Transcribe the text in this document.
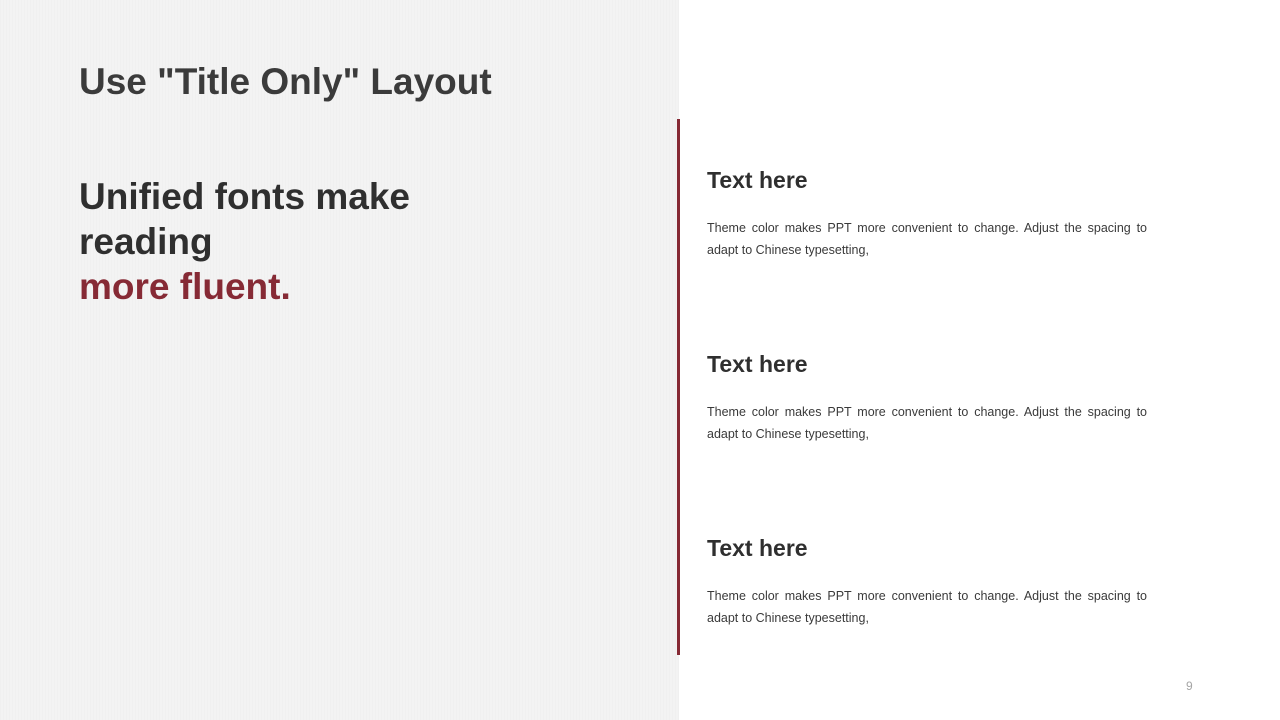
Use "Title Only" Layout
Unified fonts make
reading
more fluent.
Text here

Theme color makes PPT more convenient to change. Adjust the spacing to adapt to Chinese typesetting,

Text here

Theme color makes PPT more convenient to change. Adjust the spacing to adapt to Chinese typesetting,

Text here

Theme color makes PPT more convenient to change. Adjust the spacing to adapt to Chinese typesetting,

9
